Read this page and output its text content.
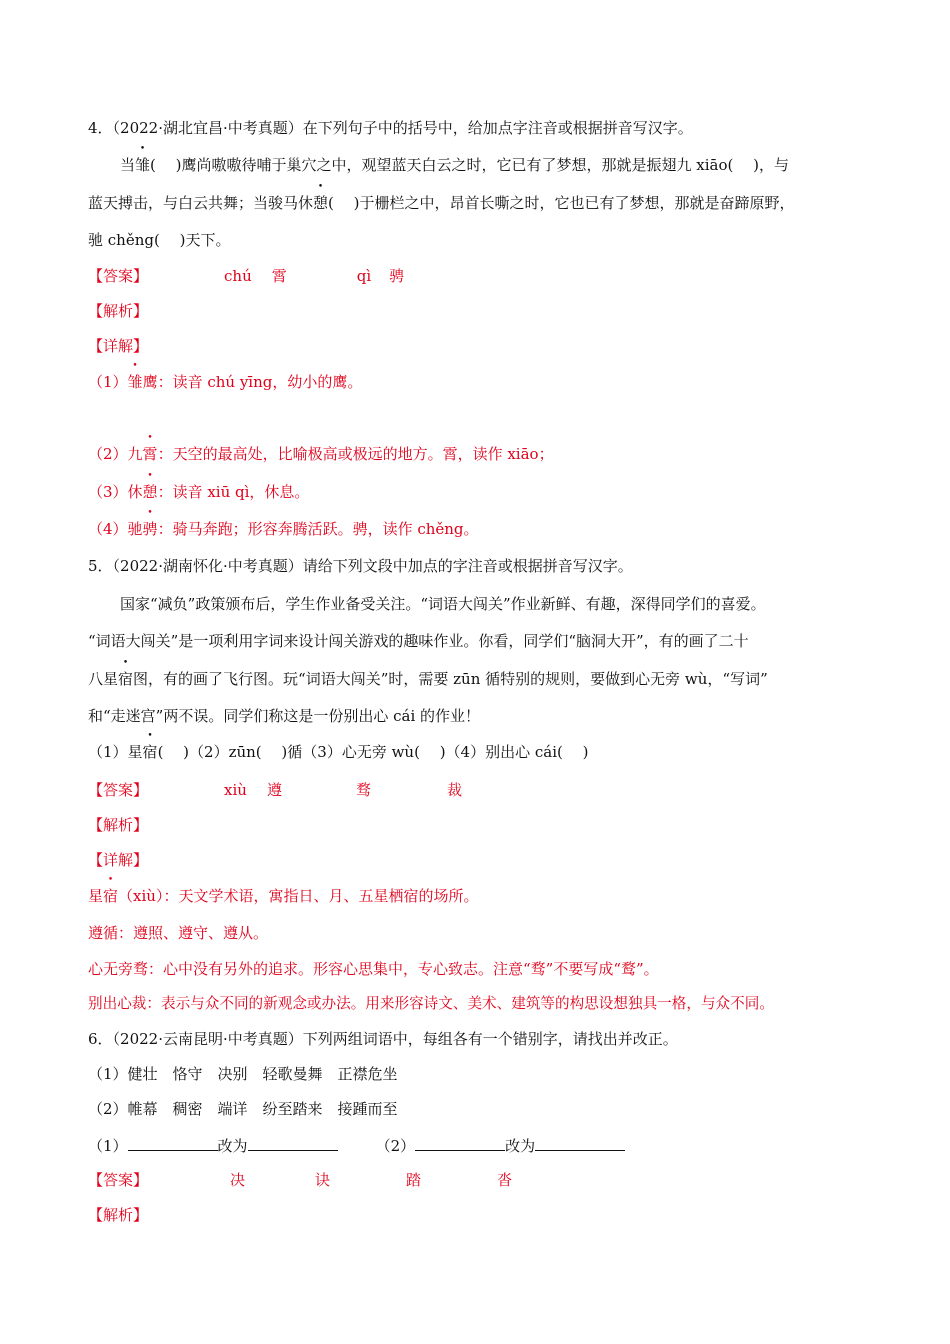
4．（2022·湖北宜昌·中考真题）在下列句子中的括号中，给加点字注音或根据拼音写汉字。
当雏(　 )鹰尚嗷嗷待哺于巢穴之中，观望蓝天白云之时，它已有了梦想，那就是振翅九 xiāo(　 )，与
蓝天搏击，与白云共舞；当骏马休憩(　 )于栅栏之中，昂首长嘶之时，它也已有了梦想，那就是奋蹄原野，
驰 chěng(　 )天下。
【答案】	chú 霄	qì 骋
【解析】
【详解】
（1）雏鹰：读音 chú yīng，幼小的鹰。
（2）九霄：天空的最高处，比喻极高或极远的地方。霄，读作 xiāo；
（3）休憩：读音 xiū qì，休息。
（4）驰骋：骑马奔跑；形容奔腾活跃。骋，读作 chěng。
5．（2022·湖南怀化·中考真题）请给下列文段中加点的字注音或根据拼音写汉字。
国家“减负”政策颁布后，学生作业备受关注。“词语大闯关”作业新鲜、有趣，深得同学们的喜爱。
“词语大闯关”是一项利用字词来设计闯关游戏的趣味作业。你看，同学们“脑洞大开”，有的画了二十
八星宿图，有的画了飞行图。玩“词语大闯关”时，需要 zūn 循特别的规则，要做到心无旁 wù，“写词”
和“走迷宫”两不误。同学们称这是一份别出心 cái 的作业！
（1）星宿(　 )（2）zūn(　 )循（3）心无旁 wù(　 )（4）别出心 cái(　 )
【答案】	xiù 遵	骛	裁
【解析】
【详解】
星宿（xiù）：天文学术语，寓指日、月、五星栖宿的场所。
遵循：遵照、遵守、遵从。
心无旁骛：心中没有另外的追求。形容心思集中，专心致志。注意“骛”不要写成“鹜”。
别出心裁：表示与众不同的新观念或办法。用来形容诗文、美术、建筑等的构思设想独具一格，与众不同。
6．（2022·云南昆明·中考真题）下列两组词语中，每组各有一个错别字，请找出并改正。
（1）健壮　恪守　决别　轻歌曼舞　正襟危坐
（2）帷幕　稠密　端详　纷至踏来　接踵而至
（1）	改为	（2）	改为
【答案】	决	诀	踏	沓
【解析】
